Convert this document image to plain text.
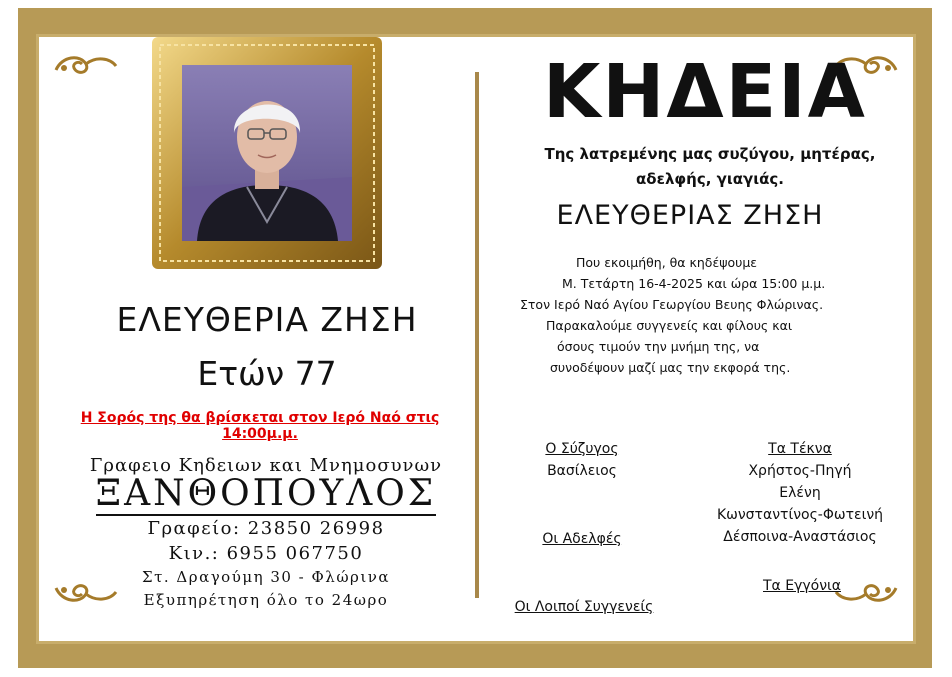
ΕΛΕΥΘΕΡΙΑ ΖΗΣΗ
Ετών 77
Η Σορός της θα βρίσκεται στον Ιερό Ναό στις 14:00μ.μ.
Γραφειο Κηδειων και Μνημοσυνων
ΞΑΝΘΟΠΟΥΛΟΣ
Γραφείο: 23850 26998
Κιν.: 6955 067750
Στ. Δραγούμη 30 - Φλώρινα
Εξυπηρέτηση όλο το 24ωρο
ΚΗΔΕΙΑ
Της λατρεμένης μας συζύγου, μητέρας,
αδελφής, γιαγιάς.
ΕΛΕΥΘΕΡΙΑΣ ΖΗΣΗ
Που εκοιμήθη, θα κηδέψουμε
Μ. Τετάρτη 16-4-2025 και ώρα 15:00 μ.μ.
Στον Ιερό Ναό Αγίου Γεωργίου Βευης Φλώρινας.
Παρακαλούμε συγγενείς και φίλους και
όσους τιμούν την μνήμη της, να
συνοδέψουν μαζί μας την εκφορά της.
Ο Σύζυγος
Βασίλειος
Τα Τέκνα
Χρήστος-Πηγή
Ελένη
Κωνσταντίνος-Φωτεινή
Δέσποινα-Αναστάσιος
Οι Αδελφές
Τα Εγγόνια
Οι Λοιποί Συγγενείς
